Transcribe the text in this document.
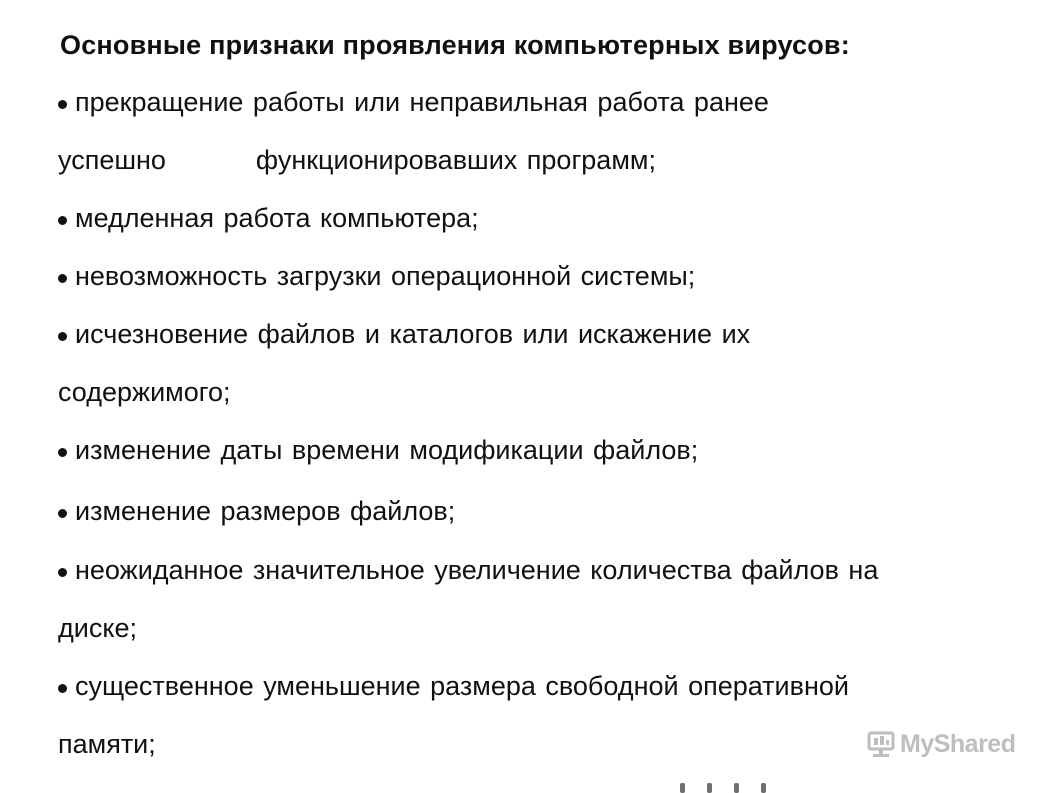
Основные признаки проявления компьютерных вирусов:
прекращение работы или неправильная работа ранее
успешно	функционировавших программ;
медленная работа компьютера;
невозможность загрузки операционной системы;
исчезновение файлов и каталогов или искажение их
содержимого;
изменение даты времени модификации файлов;
изменение размеров файлов;
неожиданное значительное увеличение количества файлов на
диске;
существенное уменьшение размера свободной оперативной
памяти;	MyShared
